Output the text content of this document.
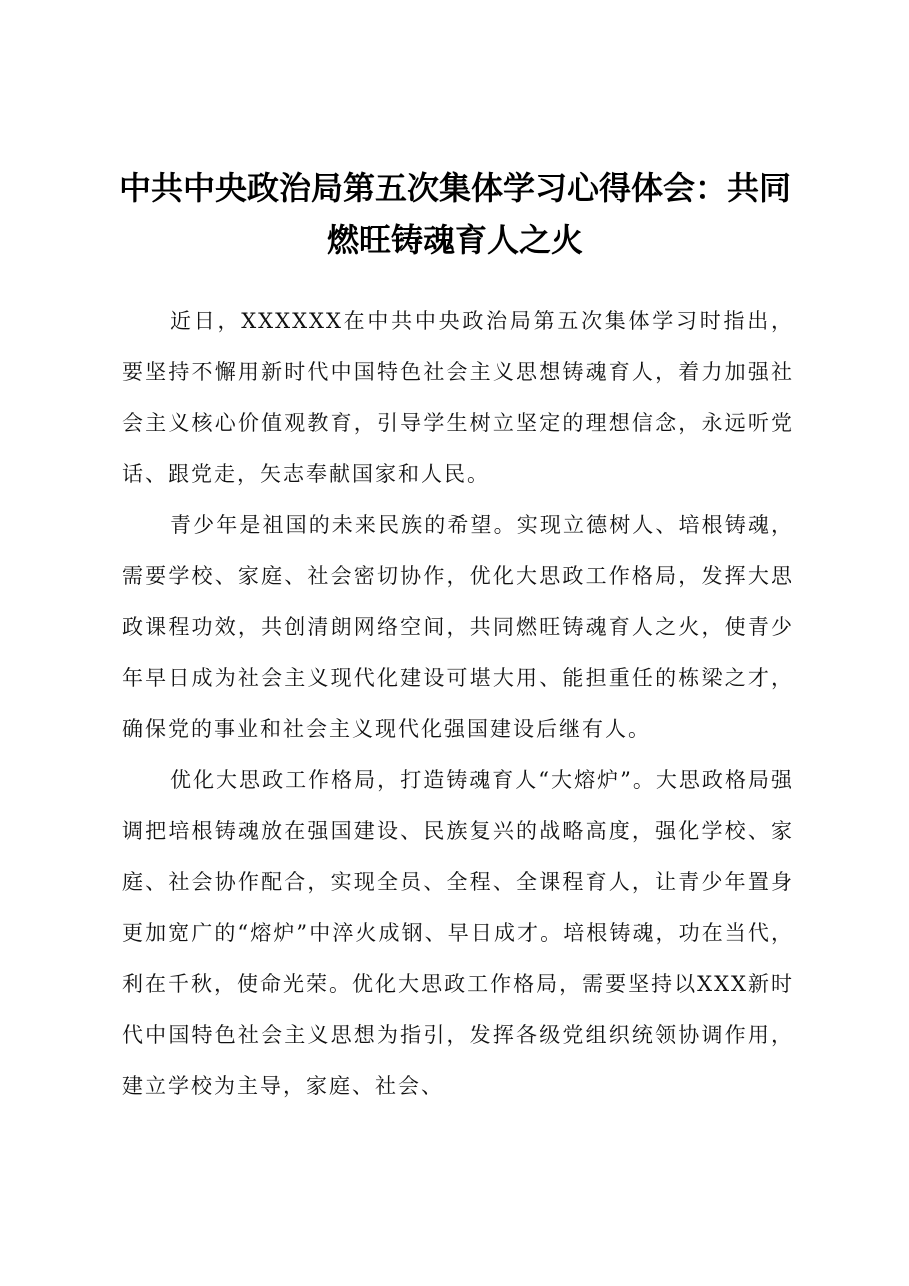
中共中央政治局第五次集体学习心得体会：共同燃旺铸魂育人之火

近日，XXXXXX在中共中央政治局第五次集体学习时指出，要坚持不懈用新时代中国特色社会主义思想铸魂育人，着力加强社会主义核心价值观教育，引导学生树立坚定的理想信念，永远听党话、跟党走，矢志奉献国家和人民。

青少年是祖国的未来民族的希望。实现立德树人、培根铸魂，需要学校、家庭、社会密切协作，优化大思政工作格局，发挥大思政课程功效，共创清朗网络空间，共同燃旺铸魂育人之火，使青少年早日成为社会主义现代化建设可堪大用、能担重任的栋梁之才，确保党的事业和社会主义现代化强国建设后继有人。

优化大思政工作格局，打造铸魂育人“大熔炉”。大思政格局强调把培根铸魂放在强国建设、民族复兴的战略高度，强化学校、家庭、社会协作配合，实现全员、全程、全课程育人，让青少年置身更加宽广的“熔炉”中淬火成钢、早日成才。培根铸魂，功在当代，利在千秋，使命光荣。优化大思政工作格局，需要坚持以XXX新时代中国特色社会主义思想为指引，发挥各级党组织统领协调作用，建立学校为主导，家庭、社会、
